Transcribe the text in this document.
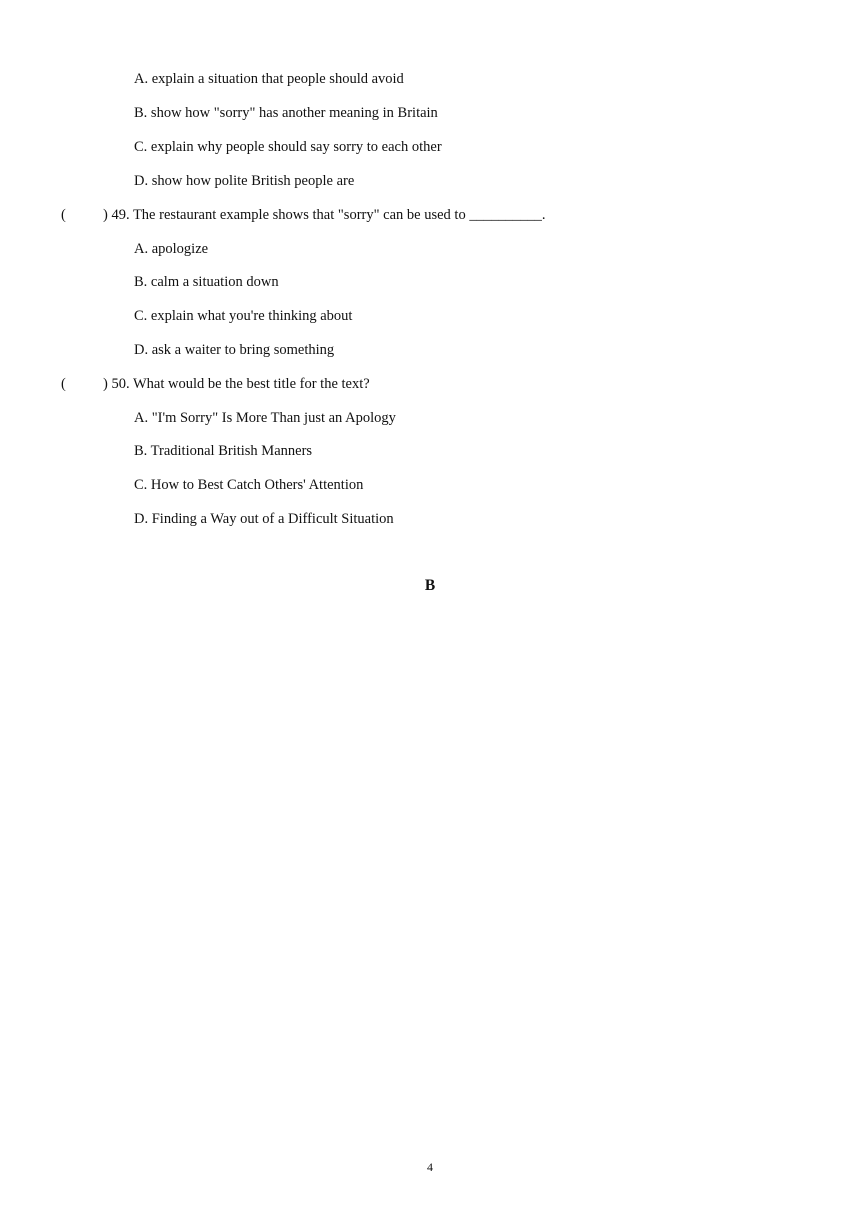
A. explain a situation that people should avoid
B. show how "sorry" has another meaning in Britain
C. explain why people should say sorry to each other
D. show how polite British people are
(	) 49. The restaurant example shows that "sorry" can be used to __________.
A. apologize
B. calm a situation down
C. explain what you're thinking about
D. ask a waiter to bring something
(	) 50. What would be the best title for the text?
A. "I'm Sorry" Is More Than just an Apology
B. Traditional British Manners
C. How to Best Catch Others' Attention
D. Finding a Way out of a Difficult Situation
B
4
